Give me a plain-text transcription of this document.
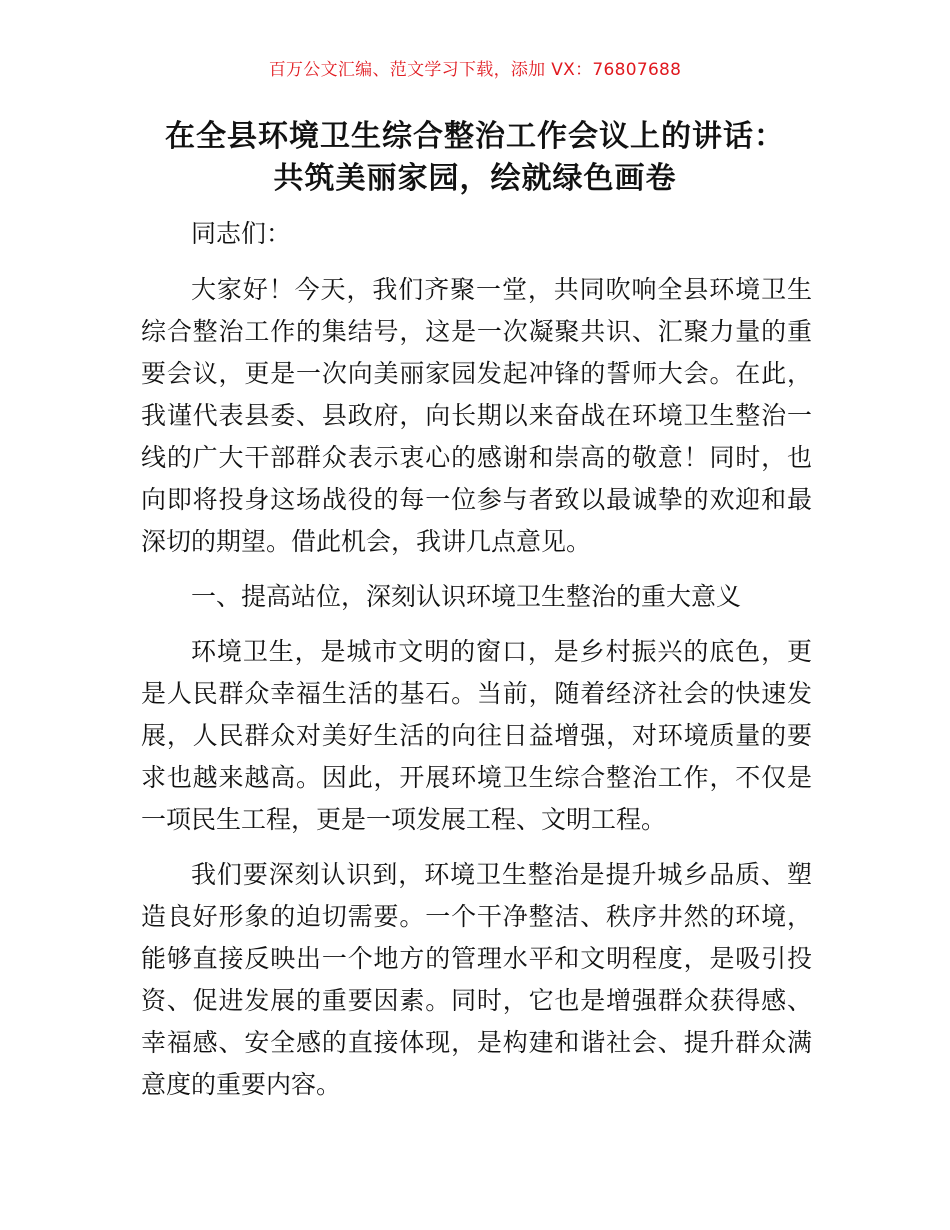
百万公文汇编、范文学习下载，添加 VX：76807688
在全县环境卫生综合整治工作会议上的讲话：
共筑美丽家园，绘就绿色画卷

同志们：

大家好！今天，我们齐聚一堂，共同吹响全县环境卫生综合整治工作的集结号，这是一次凝聚共识、汇聚力量的重要会议，更是一次向美丽家园发起冲锋的誓师大会。在此，我谨代表县委、县政府，向长期以来奋战在环境卫生整治一线的广大干部群众表示衷心的感谢和崇高的敬意！同时，也向即将投身这场战役的每一位参与者致以最诚挚的欢迎和最深切的期望。借此机会，我讲几点意见。

一、提高站位，深刻认识环境卫生整治的重大意义

环境卫生，是城市文明的窗口，是乡村振兴的底色，更是人民群众幸福生活的基石。当前，随着经济社会的快速发展，人民群众对美好生活的向往日益增强，对环境质量的要求也越来越高。因此，开展环境卫生综合整治工作，不仅是一项民生工程，更是一项发展工程、文明工程。

我们要深刻认识到，环境卫生整治是提升城乡品质、塑造良好形象的迫切需要。一个干净整洁、秩序井然的环境，能够直接反映出一个地方的管理水平和文明程度，是吸引投资、促进发展的重要因素。同时，它也是增强群众获得感、幸福感、安全感的直接体现，是构建和谐社会、提升群众满意度的重要内容。
